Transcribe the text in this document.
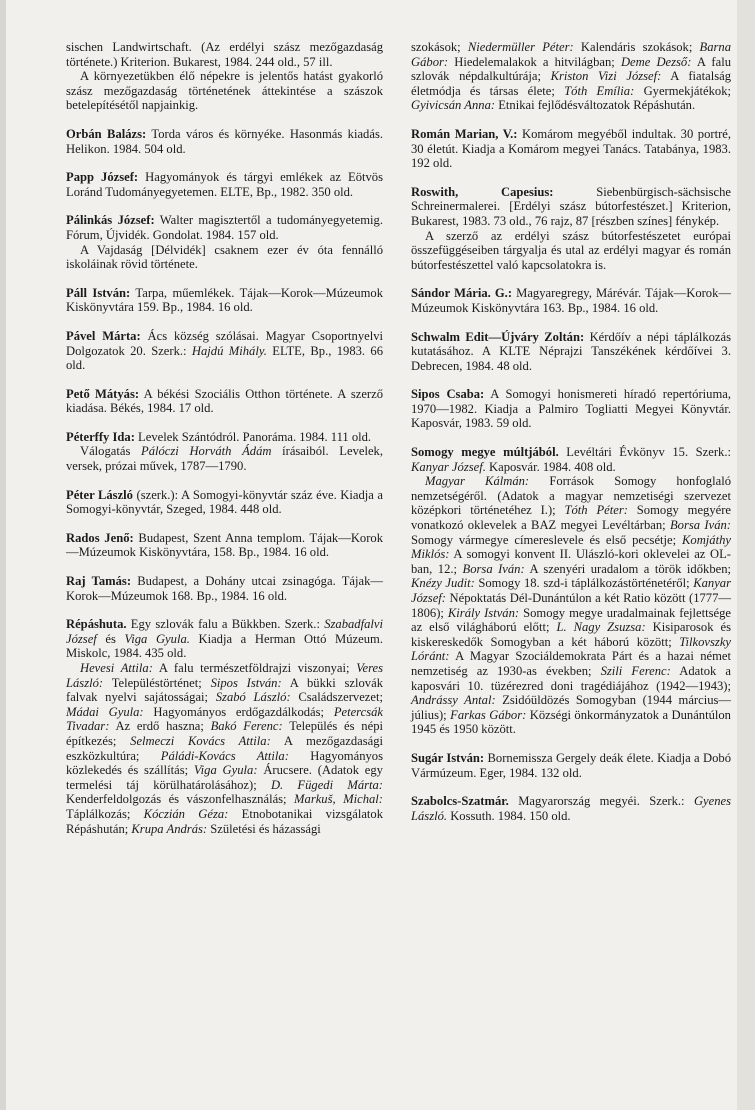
sischen Landwirtschaft. (Az erdélyi szász mezőgazdaság története.) Kriterion. Bukarest, 1984. 244 old., 57 ill.

A környezetükben élő népekre is jelentős hatást gyakorló szász mezőgazdaság történetének áttekintése a szászok betelepítésétől napjainkig.

Orbán Balázs: Torda város és környéke. Hasonmás kiadás. Helikon. 1984. 504 old.

Papp József: Hagyományok és tárgyi emlékek az Eötvös Loránd Tudományegyetemen. ELTE, Bp., 1982. 350 old.

Pálinkás József: Walter magisztertől a tudományegyetemig. Fórum, Újvidék. Gondolat. 1984. 157 old.

A Vajdaság [Délvidék] csaknem ezer év óta fennálló iskoláinak rövid története.

Páll István: Tarpa, műemlékek. Tájak—Korok—Múzeumok Kiskönyvtára 159. Bp., 1984. 16 old.

Pável Márta: Ács község szólásai. Magyar Csoportnyelvi Dolgozatok 20. Szerk.: Hajdú Mihály. ELTE, Bp., 1983. 66 old.

Pető Mátyás: A békési Szociális Otthon története. A szerző kiadása. Békés, 1984. 17 old.

Péterffy Ida: Levelek Szántódról. Panoráma. 1984. 111 old.

Válogatás Pálóczi Horváth Ádám írásaiból. Levelek, versek, prózai művek, 1787—1790.

Péter László (szerk.): A Somogyi-könyvtár száz éve. Kiadja a Somogyi-könyvtár, Szeged, 1984. 448 old.

Rados Jenő: Budapest, Szent Anna templom. Tájak—Korok—Múzeumok Kiskönyvtára, 158. Bp., 1984. 16 old.

Raj Tamás: Budapest, a Dohány utcai zsinagóga. Tájak—Korok—Múzeumok 168. Bp., 1984. 16 old.

Répáshuta. Egy szlovák falu a Bükkben. Szerk.: Szabadfalvi József és Viga Gyula. Kiadja a Herman Ottó Múzeum. Miskolc, 1984. 435 old.

Hevesi Attila: A falu természetföldrajzi viszonyai; Veres László: Településtörténet; Sipos István: A bükki szlovák falvak nyelvi sajátosságai; Szabó László: Családszervezet; Mádai Gyula: Hagyományos erdőgazdálkodás; Petercsák Tivadar: Az erdő haszna; Bakó Ferenc: Település és népi építkezés; Selmeczi Kovács Attila: A mezőgazdasági eszközkultúra; Páládi-Kovács Attila: Hagyományos közlekedés és szállítás; Viga Gyula: Árucsere. (Adatok egy termelési táj körülhatárolásához); D. Fügedi Márta: Kenderfeldolgozás és vászonfelhasználás; Markuš, Michal: Táplálkozás; Kóczián Géza: Etnobotanikai vizsgálatok Répáshután; Krupa András: Születési és házassági

szokások; Niedermüller Péter: Kalendáris szokások; Barna Gábor: Hiedelemalakok a hitvilágban; Deme Dezső: A falu szlovák népdalkultúrája; Kriston Vizi József: A fiatalság életmódja és társas élete; Tóth Emília: Gyermekjátékok; Gyivicsán Anna: Etnikai fejlődésváltozatok Répáshután.

Román Marian, V.: Komárom megyéből indultak. 30 portré, 30 életút. Kiadja a Komárom megyei Tanács. Tatabánya, 1983. 192 old.

Roswith, Capesius: Siebenbürgisch-sächsische Schreinermalerei. [Erdélyi szász bútorfestészet.] Kriterion, Bukarest, 1983. 73 old., 76 rajz, 87 [részben színes] fénykép.

A szerző az erdélyi szász bútorfestészetet európai összefüggéseiben tárgyalja és utal az erdélyi magyar és román bútorfestészettel való kapcsolatokra is.

Sándor Mária. G.: Magyaregregy, Márévár. Tájak—Korok—Múzeumok Kiskönyvtára 163. Bp., 1984. 16 old.

Schwalm Edit—Újváry Zoltán: Kérdőív a népi táplálkozás kutatásához. A KLTE Néprajzi Tanszékének kérdőívei 3. Debrecen, 1984. 48 old.

Sipos Csaba: A Somogyi honismereti híradó repertóriuma, 1970—1982. Kiadja a Palmiro Togliatti Megyei Könyvtár. Kaposvár, 1983. 59 old.

Somogy megye múltjából. Levéltári Évkönyv 15. Szerk.: Kanyar József. Kaposvár. 1984. 408 old.

Magyar Kálmán: Források Somogy honfoglaló nemzetségéről. (Adatok a magyar nemzetiségi szervezet középkori történetéhez I.); Tóth Péter: Somogy megyére vonatkozó oklevelek a BAZ megyei Levéltárban; Borsa Iván: Somogy vármegye címereslevele és első pecsétje; Komjáthy Miklós: A somogyi konvent II. Ulászló-kori oklevelei az OL-ban, 12.; Borsa Iván: A szenyéri uradalom a török időkben; Knézy Judit: Somogy 18. szd-i táplálkozástörténetéről; Kanyar József: Népoktatás Dél-Dunántúlon a két Ratio között (1777—1806); Király István: Somogy megye uradalmainak fejlettsége az első világháború előtt; L. Nagy Zsuzsa: Kisiparosok és kiskereskedők Somogyban a két háború között; Tilkovszky Lóránt: A Magyar Szociáldemokrata Párt és a hazai német nemzetiség az 1930-as években; Szili Ferenc: Adatok a kaposvári 10. tüzérezred doni tragédiájához (1942—1943); Andrássy Antal: Zsidóüldözés Somogyban (1944 március—július); Farkas Gábor: Községi önkormányzatok a Dunántúlon 1945 és 1950 között.

Sugár István: Bornemissza Gergely deák élete. Kiadja a Dobó Vármúzeum. Eger, 1984. 132 old.

Szabolcs-Szatmár. Magyarország megyéi. Szerk.: Gyenes László. Kossuth. 1984. 150 old.
